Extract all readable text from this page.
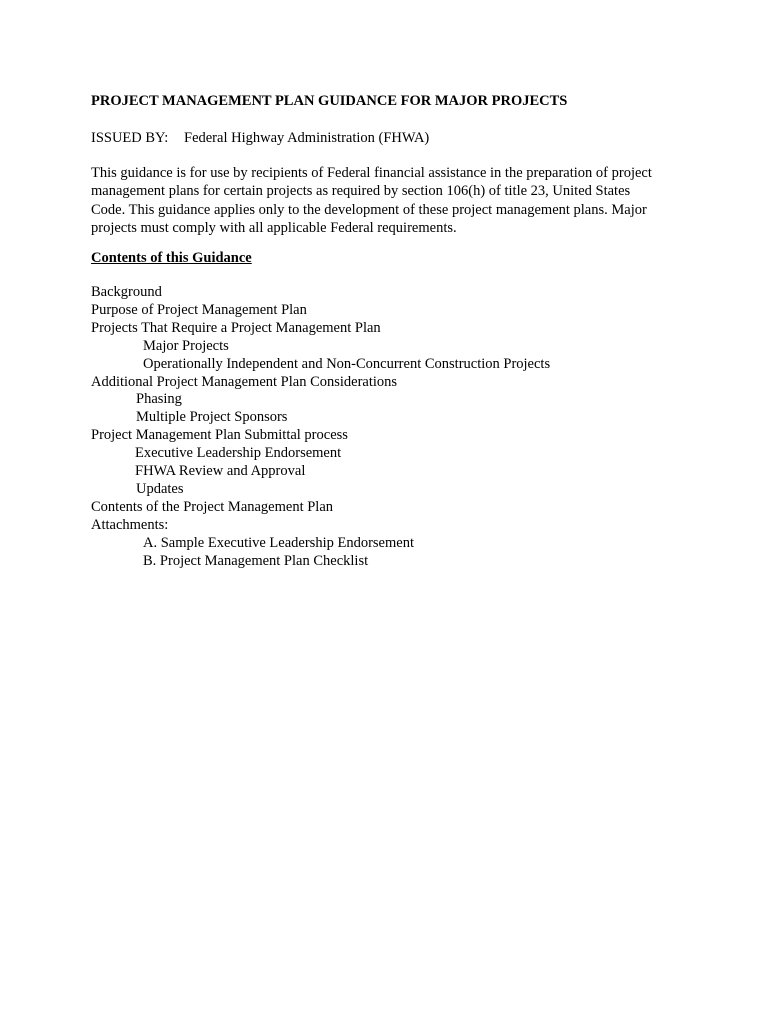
PROJECT MANAGEMENT PLAN GUIDANCE FOR MAJOR PROJECTS
ISSUED BY: Federal Highway Administration (FHWA)
This guidance is for use by recipients of Federal financial assistance in the preparation of project
management plans for certain projects as required by section 106(h) of title 23, United States
Code. This guidance applies only to the development of these project management plans. Major
projects must comply with all applicable Federal requirements.
Contents of this Guidance
Background
Purpose of Project Management Plan
Projects That Require a Project Management Plan
Major Projects
Operationally Independent and Non-Concurrent Construction Projects
Additional Project Management Plan Considerations
Phasing
Multiple Project Sponsors
Project Management Plan Submittal process
Executive Leadership Endorsement
FHWA Review and Approval
Updates
Contents of the Project Management Plan
Attachments:
A. Sample Executive Leadership Endorsement
B. Project Management Plan Checklist
